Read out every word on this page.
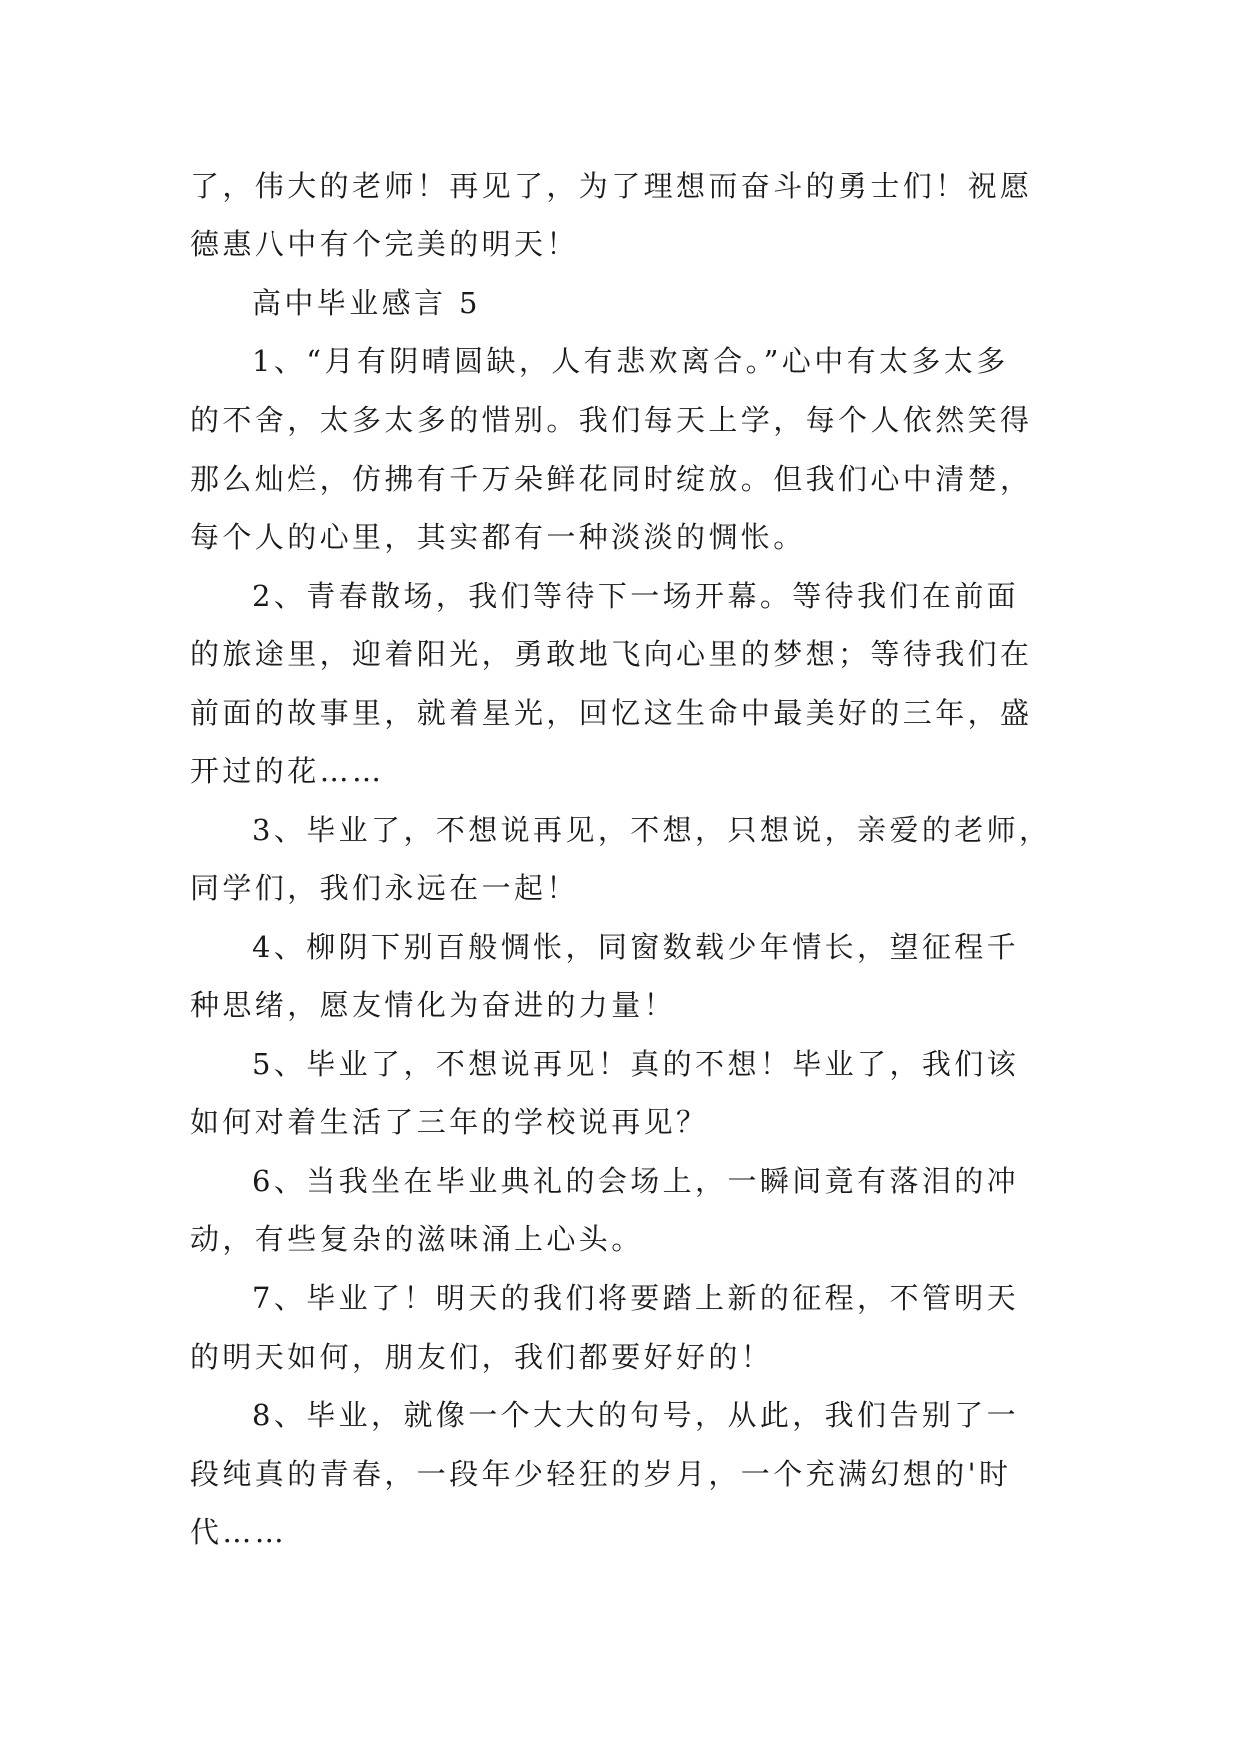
了，伟大的老师！再见了，为了理想而奋斗的勇士们！祝愿
德惠八中有个完美的明天！
高中毕业感言 5
1、“月有阴晴圆缺，人有悲欢离合。”心中有太多太多
的不舍，太多太多的惜别。我们每天上学，每个人依然笑得
那么灿烂，仿拂有千万朵鲜花同时绽放。但我们心中清楚，
每个人的心里，其实都有一种淡淡的惆怅。
2、青春散场，我们等待下一场开幕。等待我们在前面
的旅途里，迎着阳光，勇敢地飞向心里的梦想；等待我们在
前面的故事里，就着星光，回忆这生命中最美好的三年，盛
开过的花……
3、毕业了，不想说再见，不想，只想说，亲爱的老师，
同学们，我们永远在一起！
4、柳阴下别百般惆怅，同窗数载少年情长，望征程千
种思绪，愿友情化为奋进的力量！
5、毕业了，不想说再见！真的不想！毕业了，我们该
如何对着生活了三年的学校说再见？
6、当我坐在毕业典礼的会场上，一瞬间竟有落泪的冲
动，有些复杂的滋味涌上心头。
7、毕业了！明天的我们将要踏上新的征程，不管明天
的明天如何，朋友们，我们都要好好的！
8、毕业，就像一个大大的句号，从此，我们告别了一
段纯真的青春，一段年少轻狂的岁月，一个充满幻想的'时
代……
